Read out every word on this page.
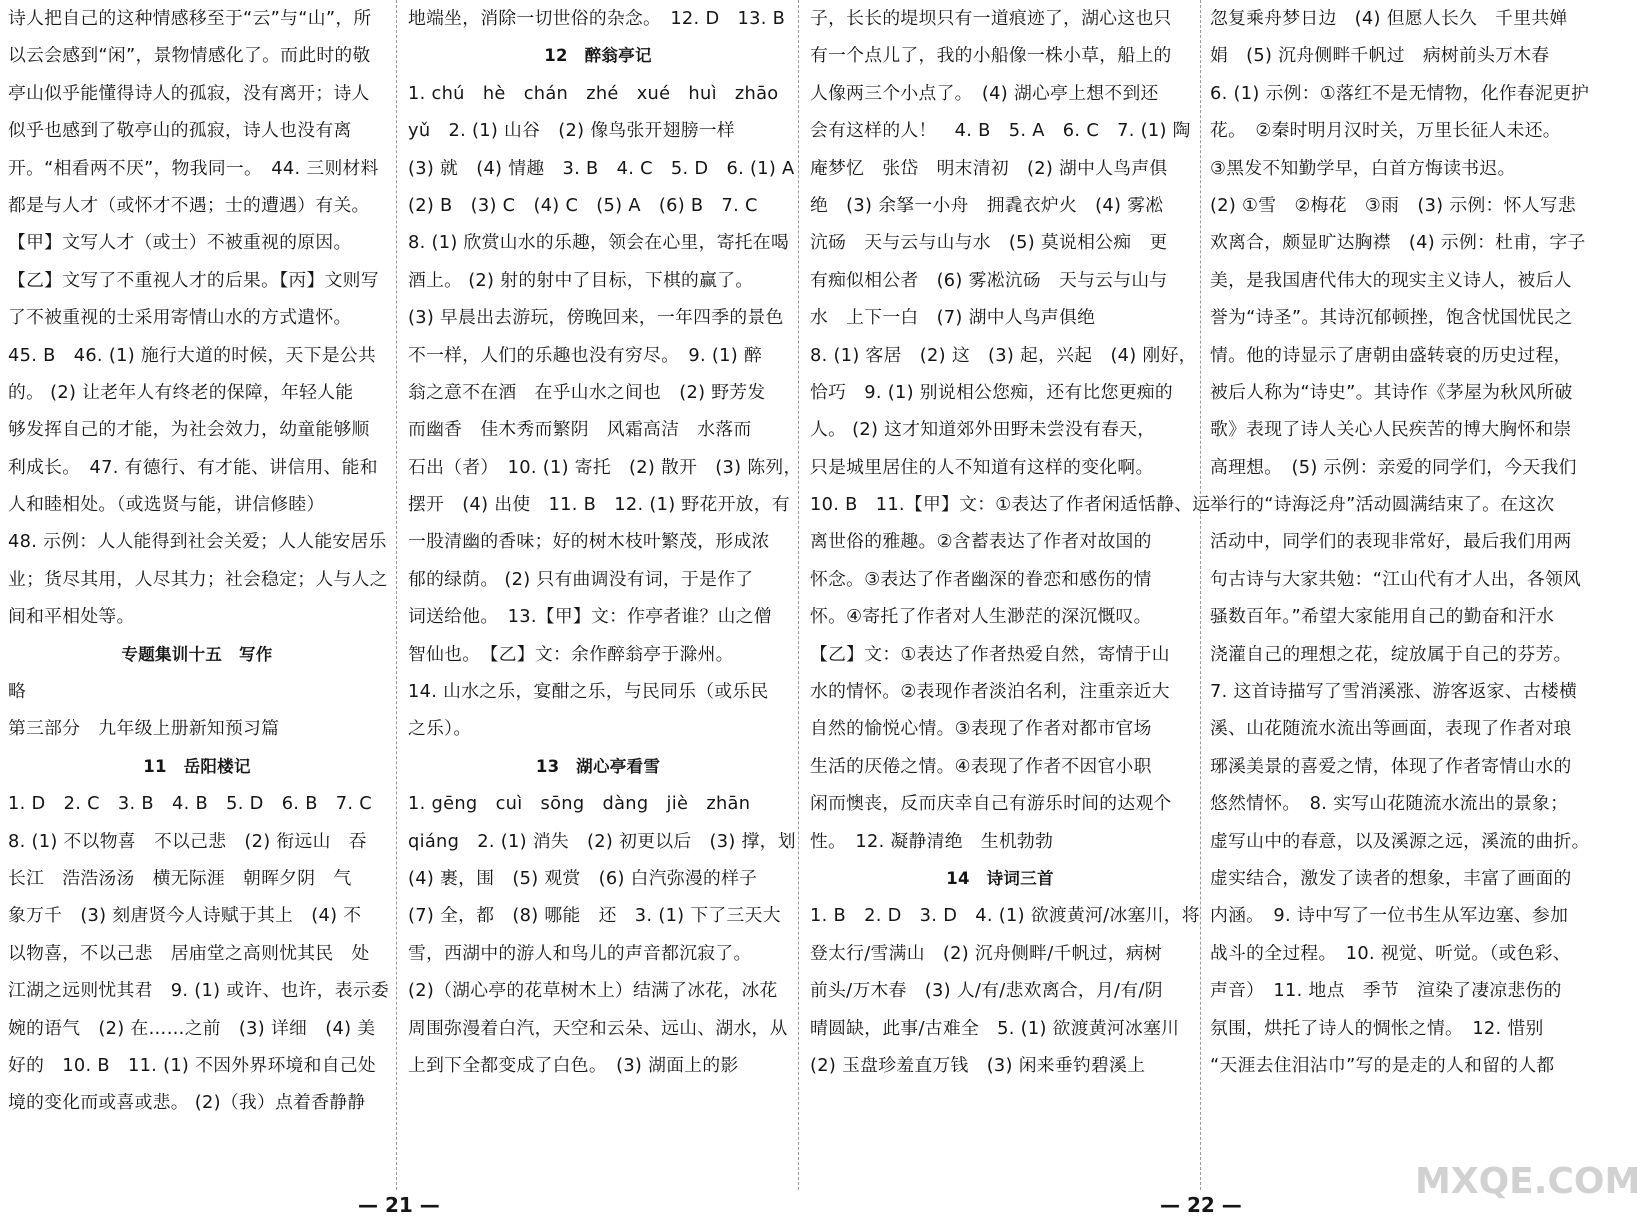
诗人把自己的这种情感移至于“云”与“山”，所
以云会感到“闲”，景物情感化了。而此时的敬
亭山似乎能懂得诗人的孤寂，没有离开；诗人
似乎也感到了敬亭山的孤寂，诗人也没有离
开。“相看两不厌”，物我同一。　44. 三则材料
都是与人才（或怀才不遇；士的遭遇）有关。
【甲】文写人才（或士）不被重视的原因。
【乙】文写了不重视人才的后果。【丙】文则写
了不被重视的士采用寄情山水的方式遣怀。
45. B　46. (1) 施行大道的时候，天下是公共
的。 (2) 让老年人有终老的保障，年轻人能
够发挥自己的才能，为社会效力，幼童能够顺
利成长。　47. 有德行、有才能、讲信用、能和
人和睦相处。（或选贤与能，讲信修睦）
48. 示例：人人能得到社会关爱；人人能安居乐
业；货尽其用，人尽其力；社会稳定；人与人之
间和平相处等。
专题集训十五　写作
略
第三部分　九年级上册新知预习篇
11　岳阳楼记
1. D　2. C　3. B　4. B　5. D　6. B　7. C
8. (1) 不以物喜　不以己悲　(2) 衔远山　吞
长江　浩浩汤汤　横无际涯　朝晖夕阴　气
象万千　(3) 刻唐贤今人诗赋于其上　(4) 不
以物喜，不以己悲　居庙堂之高则忧其民　处
江湖之远则忧其君　9. (1) 或许、也许，表示委
婉的语气　(2) 在……之前　(3) 详细　(4) 美
好的　10. B　11. (1) 不因外界环境和自己处
境的变化而或喜或悲。 (2)（我）点着香静静
地端坐，消除一切世俗的杂念。　12. D　13. B
12　醉翁亭记
1. chú　hè　chán　zhé　xué　huì　zhāo
yǔ　2. (1) 山谷　(2) 像鸟张开翅膀一样
(3) 就　(4) 情趣　3. B　4. C　5. D　6. (1) A
(2) B　(3) C　(4) C　(5) A　(6) B　7. C
8. (1) 欣赏山水的乐趣，领会在心里，寄托在喝
酒上。 (2) 射的射中了目标，下棋的赢了。
(3) 早晨出去游玩，傍晚回来，一年四季的景色
不一样，人们的乐趣也没有穷尽。　9. (1) 醉
翁之意不在酒　在乎山水之间也　(2) 野芳发
而幽香　佳木秀而繁阴　风霜高洁　水落而
石出（者）　10. (1) 寄托　(2) 散开　(3) 陈列，
摆开　(4) 出使　11. B　12. (1) 野花开放，有
一股清幽的香味；好的树木枝叶繁茂，形成浓
郁的绿荫。 (2) 只有曲调没有词，于是作了
词送给他。　13.【甲】文：作亭者谁？山之僧
智仙也。　【乙】文：余作醉翁亭于滁州。
14. 山水之乐，宴酣之乐，与民同乐（或乐民
之乐）。
13　湖心亭看雪
1. gēng　cuì　sōng　dàng　jiè　zhān
qiáng　2. (1) 消失　(2) 初更以后　(3) 撑，划
(4) 裹，围　(5) 观赏　(6) 白汽弥漫的样子
(7) 全，都　(8) 哪能　还　3. (1) 下了三天大
雪，西湖中的游人和鸟儿的声音都沉寂了。
(2)（湖心亭的花草树木上）结满了冰花，冰花
周围弥漫着白汽，天空和云朵、远山、湖水，从
上到下全都变成了白色。　(3) 湖面上的影
子，长长的堤坝只有一道痕迹了，湖心这也只
有一个点儿了，我的小船像一株小草，船上的
人像两三个小点了。　(4) 湖心亭上想不到还
会有这样的人！　4. B　5. A　6. C　7. (1) 陶
庵梦忆　张岱　明末清初　(2) 湖中人鸟声俱
绝　(3) 余拏一小舟　拥毳衣炉火　(4) 雾凇
沆砀　天与云与山与水　(5) 莫说相公痴　更
有痴似相公者　(6) 雾凇沆砀　天与云与山与
水　上下一白　(7) 湖中人鸟声俱绝
8. (1) 客居　(2) 这　(3) 起，兴起　(4) 刚好，
恰巧　9. (1) 别说相公您痴，还有比您更痴的
人。 (2) 这才知道郊外田野未尝没有春天，
只是城里居住的人不知道有这样的变化啊。
10. B　11.【甲】文：①表达了作者闲适恬静、远
离世俗的雅趣。②含蓄表达了作者对故国的
怀念。③表达了作者幽深的眷恋和感伤的情
怀。④寄托了作者对人生渺茫的深沉慨叹。
【乙】文：①表达了作者热爱自然，寄情于山
水的情怀。②表现作者淡泊名利，注重亲近大
自然的愉悦心情。③表现了作者对都市官场
生活的厌倦之情。④表现了作者不因官小职
闲而懊丧，反而庆幸自己有游乐时间的达观个
性。　12. 凝静清绝　生机勃勃
14　诗词三首
1. B　2. D　3. D　4. (1) 欲渡黄河/冰塞川，将
登太行/雪满山　(2) 沉舟侧畔/千帆过，病树
前头/万木春　(3) 人/有/悲欢离合，月/有/阴
晴圆缺，此事/古难全　5. (1) 欲渡黄河冰塞川
(2) 玉盘珍羞直万钱　(3) 闲来垂钓碧溪上
忽复乘舟梦日边　(4) 但愿人长久　千里共婵
娟　(5) 沉舟侧畔千帆过　病树前头万木春
6. (1) 示例：①落红不是无情物，化作春泥更护
花。　②秦时明月汉时关，万里长征人未还。
③黑发不知勤学早，白首方悔读书迟。
(2) ①雪　②梅花　③雨　(3) 示例：怀人写悲
欢离合，颇显旷达胸襟　(4) 示例：杜甫，字子
美，是我国唐代伟大的现实主义诗人，被后人
誉为“诗圣”。其诗沉郁顿挫，饱含忧国忧民之
情。他的诗显示了唐朝由盛转衰的历史过程，
被后人称为“诗史”。其诗作《茅屋为秋风所破
歌》表现了诗人关心人民疾苦的博大胸怀和崇
高理想。　(5) 示例：亲爱的同学们，今天我们
举行的“诗海泛舟”活动圆满结束了。在这次
活动中，同学们的表现非常好，最后我们用两
句古诗与大家共勉：“江山代有才人出，各领风
骚数百年。”希望大家能用自己的勤奋和汗水
浇灌自己的理想之花，绽放属于自己的芬芳。
7. 这首诗描写了雪消溪涨、游客返家、古楼横
溪、山花随流水流出等画面，表现了作者对琅
琊溪美景的喜爱之情，体现了作者寄情山水的
悠然情怀。　8. 实写山花随流水流出的景象；
虚写山中的春意，以及溪源之远，溪流的曲折。
虚实结合，激发了读者的想象，丰富了画面的
内涵。　9. 诗中写了一位书生从军边塞、参加
战斗的全过程。　10. 视觉、听觉。（或色彩、
声音）　11. 地点　季节　渲染了凄凉悲伤的
氛围，烘托了诗人的惆怅之情。　12. 惜别
“天涯去住泪沾巾”写的是走的人和留的人都
— 21 —	— 22 —
MXQE.COM
